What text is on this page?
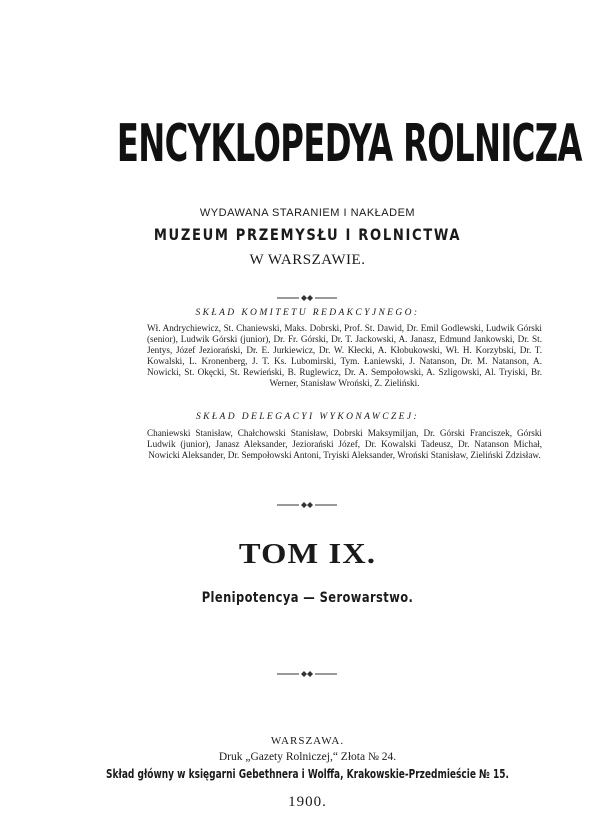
ENCYKLOPEDYA ROLNICZA
WYDAWANA STARANIEM I NAKŁADEM
MUZEUM PRZEMYSŁU I ROLNICTWA
W WARSZAWIE.
SKŁAD KOMITETU REDAKCYJNEGO:
Wł. Andrychiewicz, St. Chaniewski, Maks. Dobrski, Prof. St. Dawid, Dr. Emil Godlewski, Ludwik Górski (senior), Ludwik Górski (junior), Dr. Fr. Górski, Dr. T. Jackowski, A. Janasz, Edmund Jankowski, Dr. St. Jentys, Józef Jeziorański, Dr. E. Jurkiewicz, Dr. W. Kłecki, A. Kłobukowski, Wł. H. Korzybski, Dr. T. Kowalski, L. Kronenberg, J. T. Ks. Lubomirski, Tym. Łaniewski, J. Natanson, Dr. M. Natanson, A. Nowicki, St. Okęcki, St. Rewieński, B. Ruglewicz, Dr. A. Sempołowski, A. Szligowski, Al. Tryiski, Br. Werner, Stanisław Wroński, Z. Zieliński.
SKŁAD DELEGACYI WYKONAWCZEJ:
Chaniewski Stanisław, Chałchowski Stanisław, Dobrski Maksymiljan, Dr. Górski Franciszek, Górski Ludwik (junior), Janasz Aleksander, Jeziorański Józef, Dr. Kowalski Tadeusz, Dr. Natanson Michał, Nowicki Aleksander, Dr. Sempołowski Antoni, Tryiski Aleksander, Wroński Stanisław, Zieliński Zdzisław.
TOM IX.
Plenipotencya — Serowarstwo.
WARSZAWA.
Druk „Gazety Rolniczej,“ Złota № 24.
Skład główny w księgarni Gebethnera i Wolffa, Krakowskie-Przedmieście № 15.
1900.
